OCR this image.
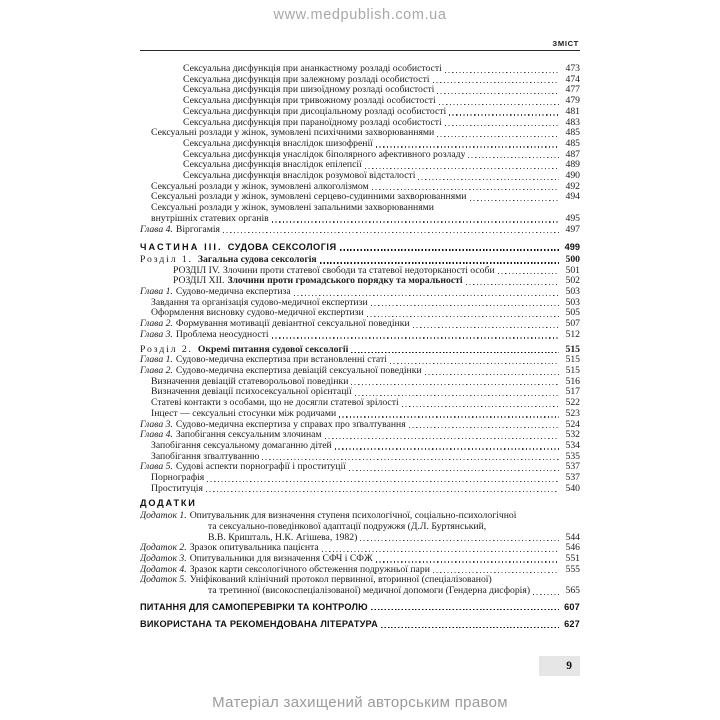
www.medpublish.com.ua
ЗМІСТ
Сексуальна дисфункція при ананкастному розладі особистості	473
Сексуальна дисфункція при залежному розладі особистості	474
Сексуальна дисфункція при шизоїдному розладі особистості	477
Сексуальна дисфункція при тривожному розладі особистості	479
Сексуальна дисфункція при дисоціальному розладі особистості	481
Сексуальна дисфункція при параноїдному розладі особистості	483
Сексуальні розлади у жінок, зумовлені психічними захворюваннями	485
Сексуальна дисфункція внаслідок шизофренії	485
Сексуальна дисфункція унаслідок біполярного афективного розладу	487
Сексуальна дисфункція внаслідок епілепсії	489
Сексуальна дисфункція внаслідок розумової відсталості	490
Сексуальні розлади у жінок, зумовлені алкоголізмом	492
Сексуальні розлади у жінок, зумовлені серцево-судинними захворюваннями	494
Сексуальні розлади у жінок, зумовлені запальними захворюваннями
внутрішніх статевих органів	495
Глава 4. Віргогамія	497
ЧАСТИНА III. СУДОВА СЕКСОЛОГІЯ	499
Розділ 1. Загальна судова сексологія	500
РОЗДІЛ IV. Злочини проти статевої свободи та статевої недоторканості особи	501
РОЗДІЛ XII. Злочини проти громадського порядку та моральності	502
Глава 1. Судово-медична експертиза	503
Завдання та організація судово-медичної експертизи	503
Оформлення висновку судово-медичної експертизи	505
Глава 2. Формування мотивації девіантної сексуальної поведінки	507
Глава 3. Проблема неосудності	512
Розділ 2. Окремі питання судової сексології	515
Глава 1. Судово-медична експертиза при встановленні статі	515
Глава 2. Судово-медична експертиза девіацій сексуальної поведінки	515
Визначення девіацій статеворольової поведінки	516
Визначення девіації психосексуальної орієнтації	517
Статеві контакти з особами, що не досягли статевої зрілості	522
Інцест — сексуальні стосунки між родичами	523
Глава 3. Судово-медична експертиза у справах про зґвалтування	524
Глава 4. Запобігання сексуальним злочинам	532
Запобігання сексуальному домаганню дітей	534
Запобігання зґвалтуванню	535
Глава 5. Судові аспекти порнографії і проституції	537
Порнографія	537
Проституція	540
ДОДАТКИ
Додаток 1. Опитувальник для визначення ступеня психологічної, соціально-психологічної
та сексуально-поведінкової адаптації подружжя (Д.Л. Буртянський,
В.В. Кришталь, Н.К. Агішева, 1982)	544
Додаток 2. Зразок опитувальника пацієнта	546
Додаток 3. Опитувальники для визначення СФЧ і СФЖ	551
Додаток 4. Зразок карти сексологічного обстеження подружньої пари	555
Додаток 5. Уніфікований клінічний протокол первинної, вторинної (спеціалізованої)
та третинної (високоспеціалізованої) медичної допомоги (Гендерна дисфорія)	565
ПИТАННЯ ДЛЯ САМОПЕРЕВІРКИ ТА КОНТРОЛЮ	607
ВИКОРИСТАНА ТА РЕКОМЕНДОВАНА ЛІТЕРАТУРА	627
9
Матеріал захищений авторським правом
